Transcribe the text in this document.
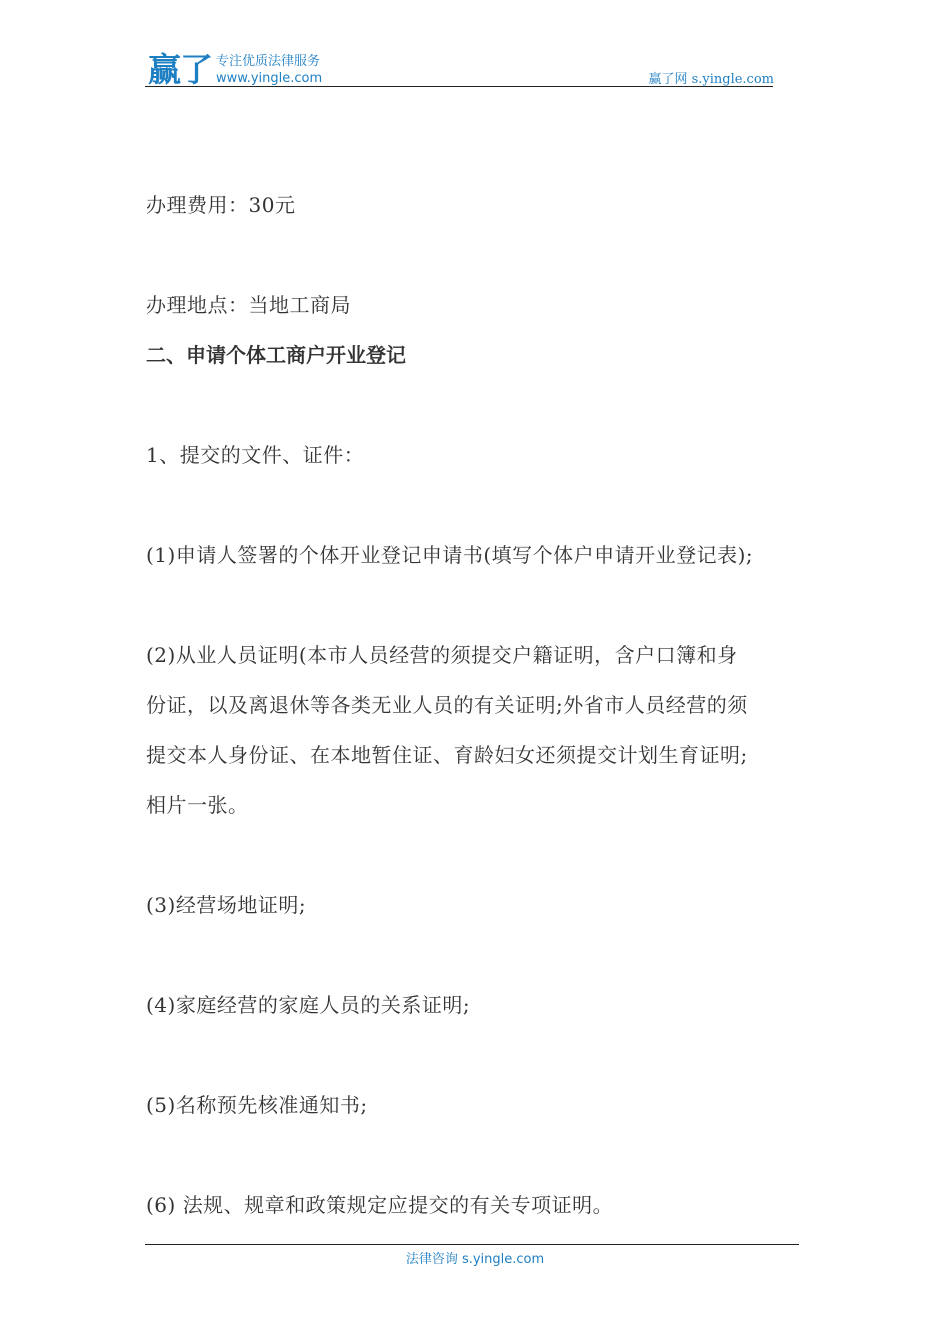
赢了 专注优质法律服务
www.yingle.com	赢了网 s.yingle.com

办理费用：30元

办理地点：当地工商局

二、申请个体工商户开业登记

1、提交的文件、证件：

(1)申请人签署的个体开业登记申请书(填写个体户申请开业登记表);

(2)从业人员证明(本市人员经营的须提交户籍证明，含户口簿和身

份证，以及离退休等各类无业人员的有关证明;外省市人员经营的须

提交本人身份证、在本地暂住证、育龄妇女还须提交计划生育证明;

相片一张。

(3)经营场地证明;

(4)家庭经营的家庭人员的关系证明;

(5)名称预先核准通知书;

(6) 法规、规章和政策规定应提交的有关专项证明。

法律咨询 s.yingle.com
